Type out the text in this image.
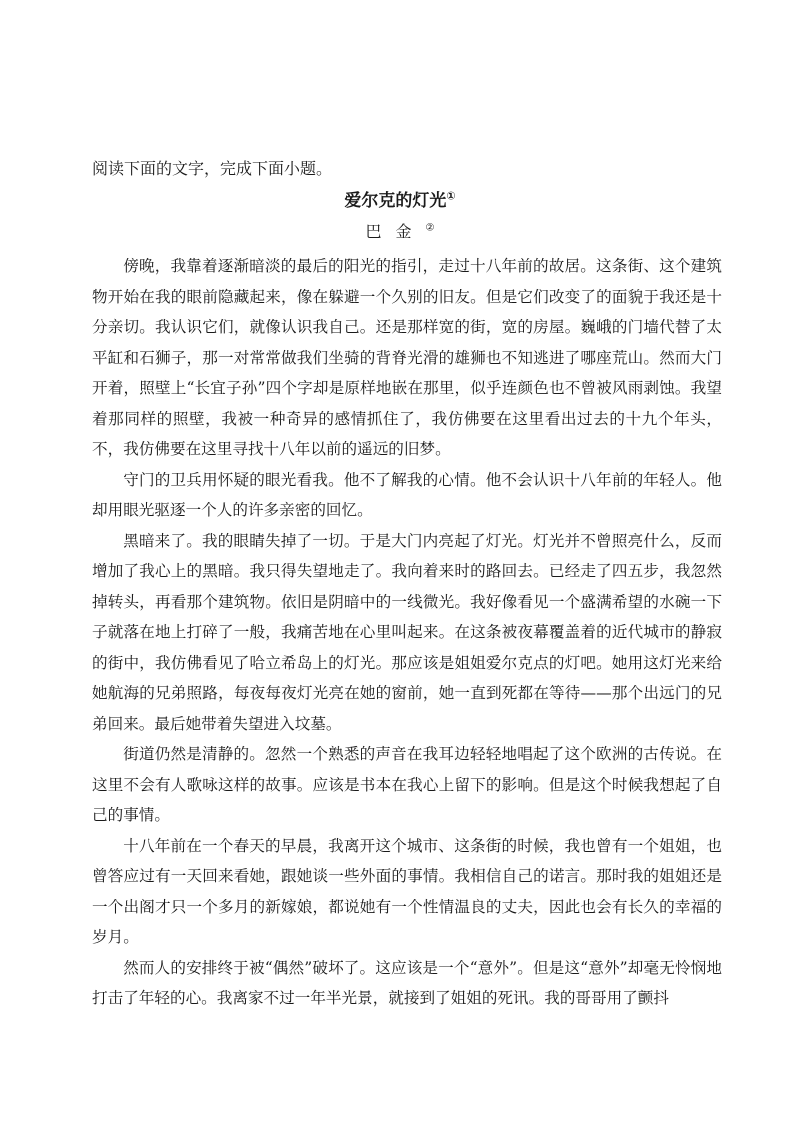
阅读下面的文字，完成下面小题。
爱尔克的灯光①
巴金②

傍晚，我靠着逐渐暗淡的最后的阳光的指引，走过十八年前的故居。这条街、这个建筑物开始在我的眼前隐藏起来，像在躲避一个久别的旧友。但是它们改变了的面貌于我还是十分亲切。我认识它们，就像认识我自己。还是那样宽的街，宽的房屋。巍峨的门墙代替了太平缸和石狮子，那一对常常做我们坐骑的背脊光滑的雄狮也不知逃进了哪座荒山。然而大门开着，照壁上“长宜子孙”四个字却是原样地嵌在那里，似乎连颜色也不曾被风雨剥蚀。我望着那同样的照壁，我被一种奇异的感情抓住了，我仿佛要在这里看出过去的十九个年头，不，我仿佛要在这里寻找十八年以前的遥远的旧梦。

守门的卫兵用怀疑的眼光看我。他不了解我的心情。他不会认识十八年前的年轻人。他却用眼光驱逐一个人的许多亲密的回忆。

黑暗来了。我的眼睛失掉了一切。于是大门内亮起了灯光。灯光并不曾照亮什么，反而增加了我心上的黑暗。我只得失望地走了。我向着来时的路回去。已经走了四五步，我忽然掉转头，再看那个建筑物。依旧是阴暗中的一线微光。我好像看见一个盛满希望的水碗一下子就落在地上打碎了一般，我痛苦地在心里叫起来。在这条被夜幕覆盖着的近代城市的静寂的街中，我仿佛看见了哈立希岛上的灯光。那应该是姐姐爱尔克点的灯吧。她用这灯光来给她航海的兄弟照路，每夜每夜灯光亮在她的窗前，她一直到死都在等待——那个出远门的兄弟回来。最后她带着失望进入坟墓。

街道仍然是清静的。忽然一个熟悉的声音在我耳边轻轻地唱起了这个欧洲的古传说。在这里不会有人歌咏这样的故事。应该是书本在我心上留下的影响。但是这个时候我想起了自己的事情。

十八年前在一个春天的早晨，我离开这个城市、这条街的时候，我也曾有一个姐姐，也曾答应过有一天回来看她，跟她谈一些外面的事情。我相信自己的诺言。那时我的姐姐还是一个出阁才只一个多月的新嫁娘，都说她有一个性情温良的丈夫，因此也会有长久的幸福的岁月。

然而人的安排终于被“偶然”破坏了。这应该是一个“意外”。但是这“意外”却毫无怜悯地打击了年轻的心。我离家不过一年半光景，就接到了姐姐的死讯。我的哥哥用了颤抖
